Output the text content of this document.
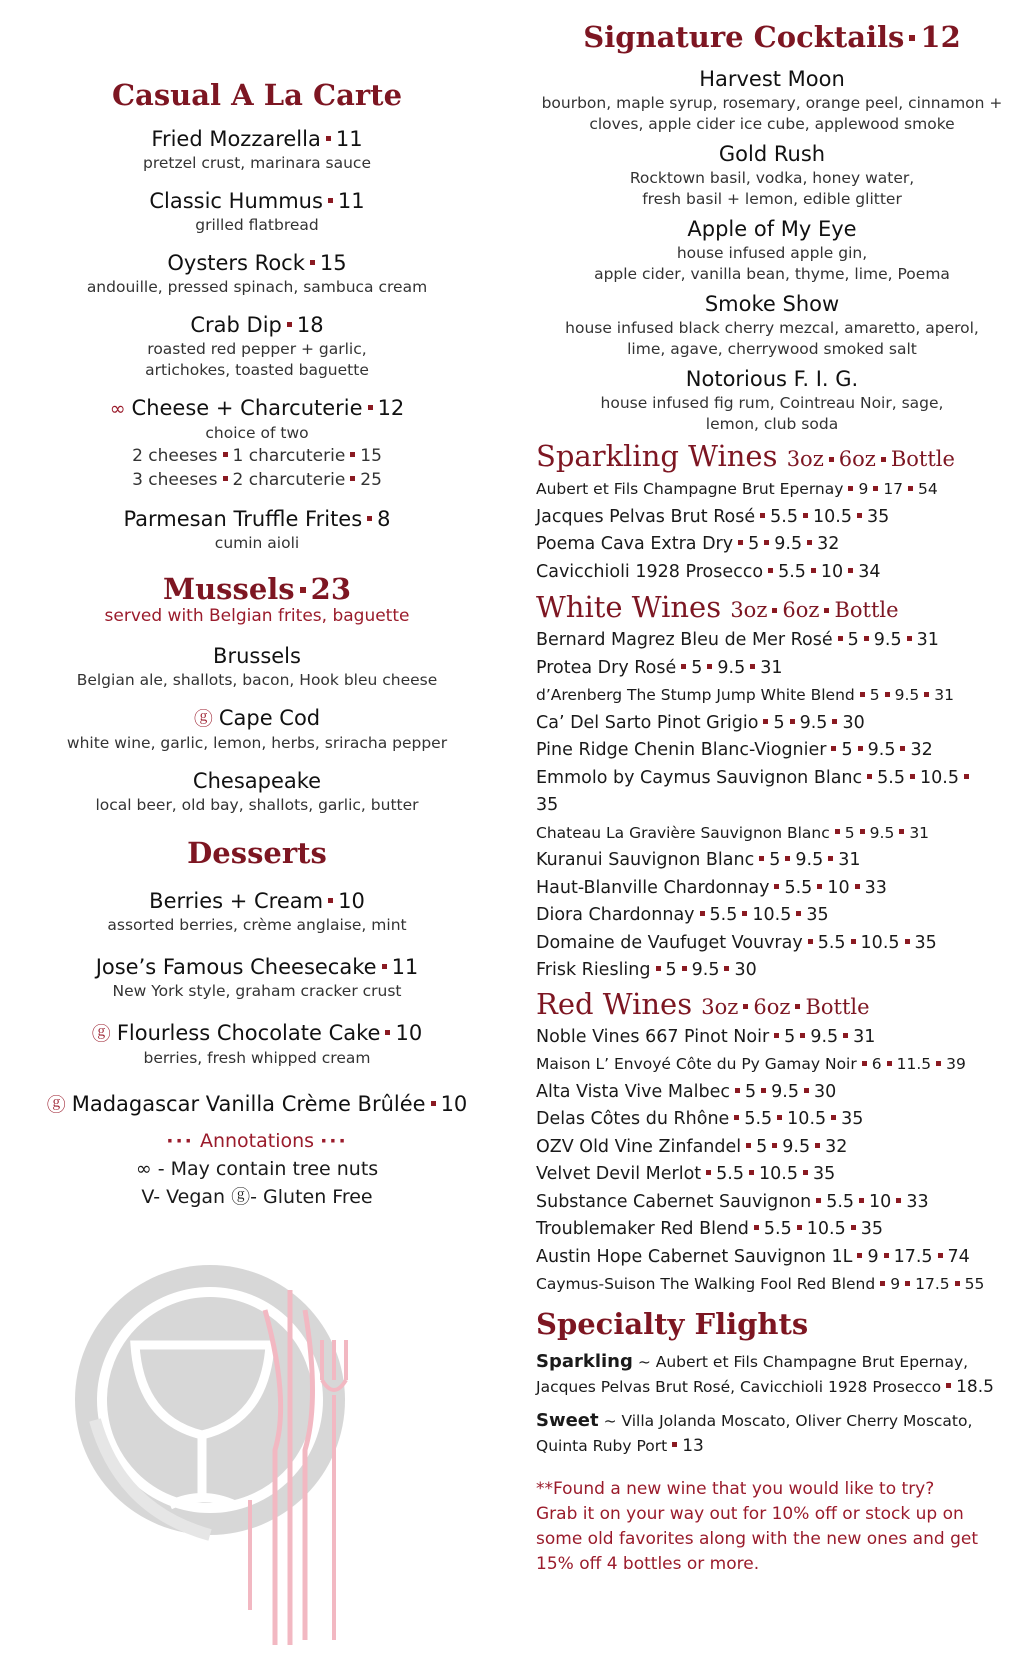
Casual A La Carte
Fried Mozzarella 11
pretzel crust, marinara sauce
Classic Hummus 11
grilled flatbread
Oysters Rock 15
andouille, pressed spinach, sambuca cream
Crab Dip 18
roasted red pepper + garlic,
artichokes, toasted baguette
∞ Cheese + Charcuterie 12
choice of two
2 cheeses 1 charcuterie 15
3 cheeses 2 charcuterie 25
Parmesan Truffle Frites 8
cumin aioli
Mussels 23
served with Belgian frites, baguette
Brussels
Belgian ale, shallots, bacon, Hook bleu cheese
ⓖ Cape Cod
white wine, garlic, lemon, herbs, sriracha pepper
Chesapeake
local beer, old bay, shallots, garlic, butter
Desserts
Berries + Cream 10
assorted berries, crème anglaise, mint
Jose’s Famous Cheesecake 11
New York style, graham cracker crust
ⓖ Flourless Chocolate Cake 10
berries, fresh whipped cream
ⓖ Madagascar Vanilla Crème Brûlée 10
··· Annotations ···
∞ - May contain tree nuts
V- Vegan ⓖ- Gluten Free
Signature Cocktails 12
Harvest Moon
bourbon, maple syrup, rosemary, orange peel, cinnamon +
cloves, apple cider ice cube, applewood smoke
Gold Rush
Rocktown basil, vodka, honey water,
fresh basil + lemon, edible glitter
Apple of My Eye
house infused apple gin,
apple cider, vanilla bean, thyme, lime, Poema
Smoke Show
house infused black cherry mezcal, amaretto, aperol,
lime, agave, cherrywood smoked salt
Notorious F. I. G.
house infused fig rum, Cointreau Noir, sage,
lemon, club soda
Sparkling Wines 3oz 6oz Bottle
Aubert et Fils Champagne Brut Epernay 9 17 54
Jacques Pelvas Brut Rosé 5.5 10.5 35
Poema Cava Extra Dry 5 9.5 32
Cavicchioli 1928 Prosecco 5.5 10 34
White Wines 3oz 6oz Bottle
Bernard Magrez Bleu de Mer Rosé 5 9.5 31
Protea Dry Rosé 5 9.5 31
d’Arenberg The Stump Jump White Blend 5 9.5 31
Ca’ Del Sarto Pinot Grigio 5 9.5 30
Pine Ridge Chenin Blanc-Viognier 5 9.5 32
Emmolo by Caymus Sauvignon Blanc 5.5 10.5
35
Chateau La Gravière Sauvignon Blanc 5 9.5 31
Kuranui Sauvignon Blanc 5 9.5 31
Haut-Blanville Chardonnay 5.5 10 33
Diora Chardonnay 5.5 10.5 35
Domaine de Vaufuget Vouvray 5.5 10.5 35
Frisk Riesling 5 9.5 30
Red Wines 3oz 6oz Bottle
Noble Vines 667 Pinot Noir 5 9.5 31
Maison L’ Envoyé Côte du Py Gamay Noir 6 11.5 39
Alta Vista Vive Malbec 5 9.5 30
Delas Côtes du Rhône 5.5 10.5 35
OZV Old Vine Zinfandel 5 9.5 32
Velvet Devil Merlot 5.5 10.5 35
Substance Cabernet Sauvignon 5.5 10 33
Troublemaker Red Blend 5.5 10.5 35
Austin Hope Cabernet Sauvignon 1L 9 17.5 74
Caymus-Suison The Walking Fool Red Blend 9 17.5 55
Specialty Flights
Sparkling ~ Aubert et Fils Champagne Brut Epernay,
Jacques Pelvas Brut Rosé, Cavicchioli 1928 Prosecco 18.5
Sweet ~ Villa Jolanda Moscato, Oliver Cherry Moscato,
Quinta Ruby Port 13
**Found a new wine that you would like to try?
Grab it on your way out for 10% off or stock up on
some old favorites along with the new ones and get
15% off 4 bottles or more.
